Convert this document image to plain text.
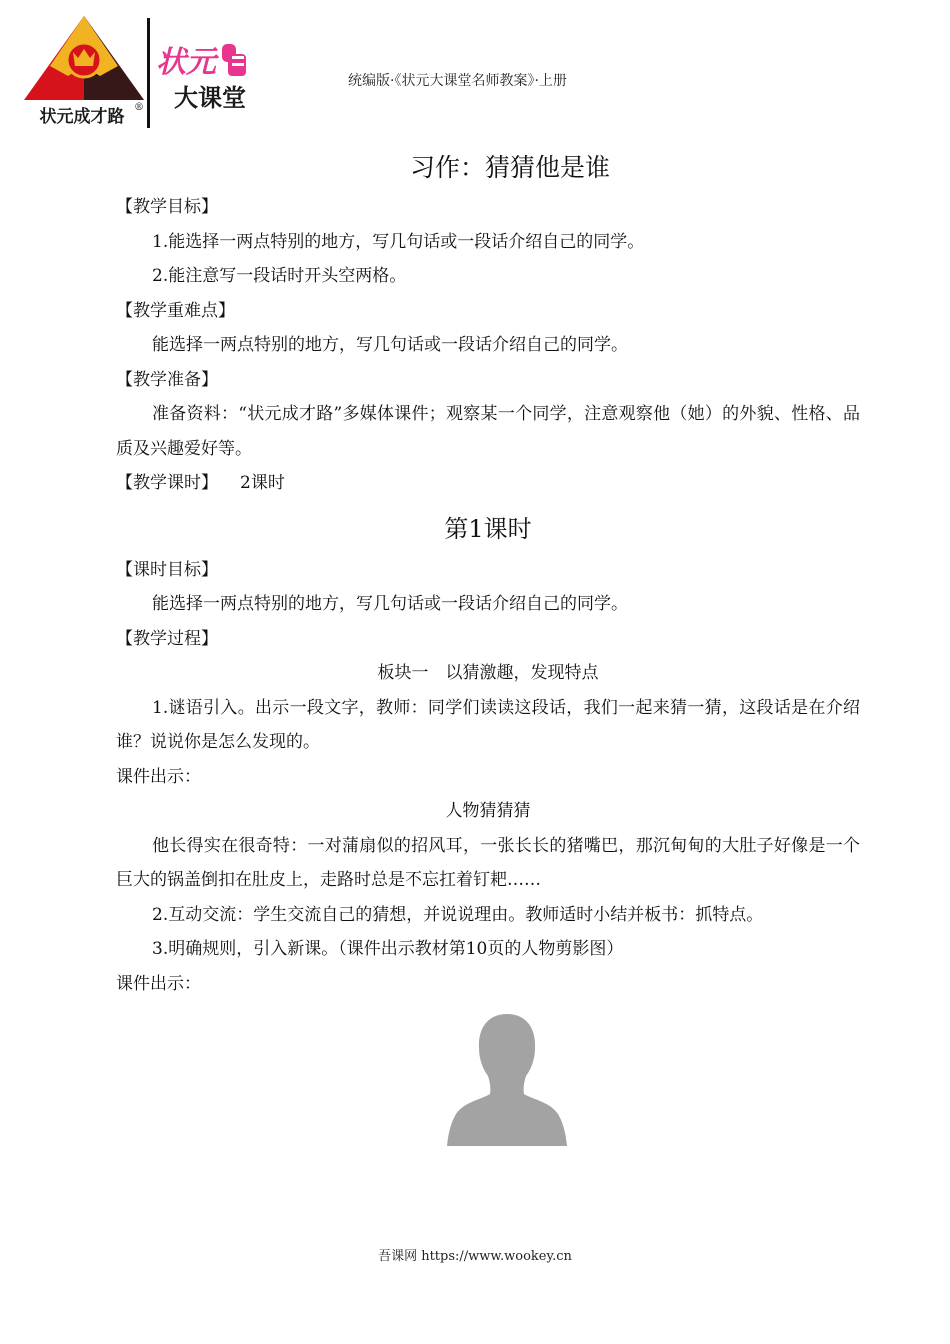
状元成才路 ®
状元
大课堂
统编版·《状元大课堂名师教案》·上册
习作：猜猜他是谁

【教学目标】

1.能选择一两点特别的地方，写几句话或一段话介绍自己的同学。

2.能注意写一段话时开头空两格。

【教学重难点】

能选择一两点特别的地方，写几句话或一段话介绍自己的同学。

【教学准备】

准备资料：“状元成才路”多媒体课件；观察某一个同学，注意观察他（她）的外貌、性格、品质及兴趣爱好等。

【教学课时】 2课时

第1课时

【课时目标】

能选择一两点特别的地方，写几句话或一段话介绍自己的同学。

【教学过程】

板块一　以猜激趣，发现特点

1.谜语引入。出示一段文字，教师：同学们读读这段话，我们一起来猜一猜，这段话是在介绍谁？说说你是怎么发现的。

课件出示：

人物猜猜猜

他长得实在很奇特：一对蒲扇似的招风耳，一张长长的猪嘴巴，那沉甸甸的大肚子好像是一个巨大的锅盖倒扣在肚皮上，走路时总是不忘扛着钉耙……

2.互动交流：学生交流自己的猜想，并说说理由。教师适时小结并板书：抓特点。

3.明确规则，引入新课。（课件出示教材第10页的人物剪影图）

课件出示：

吾课网 https://www.wookey.cn
